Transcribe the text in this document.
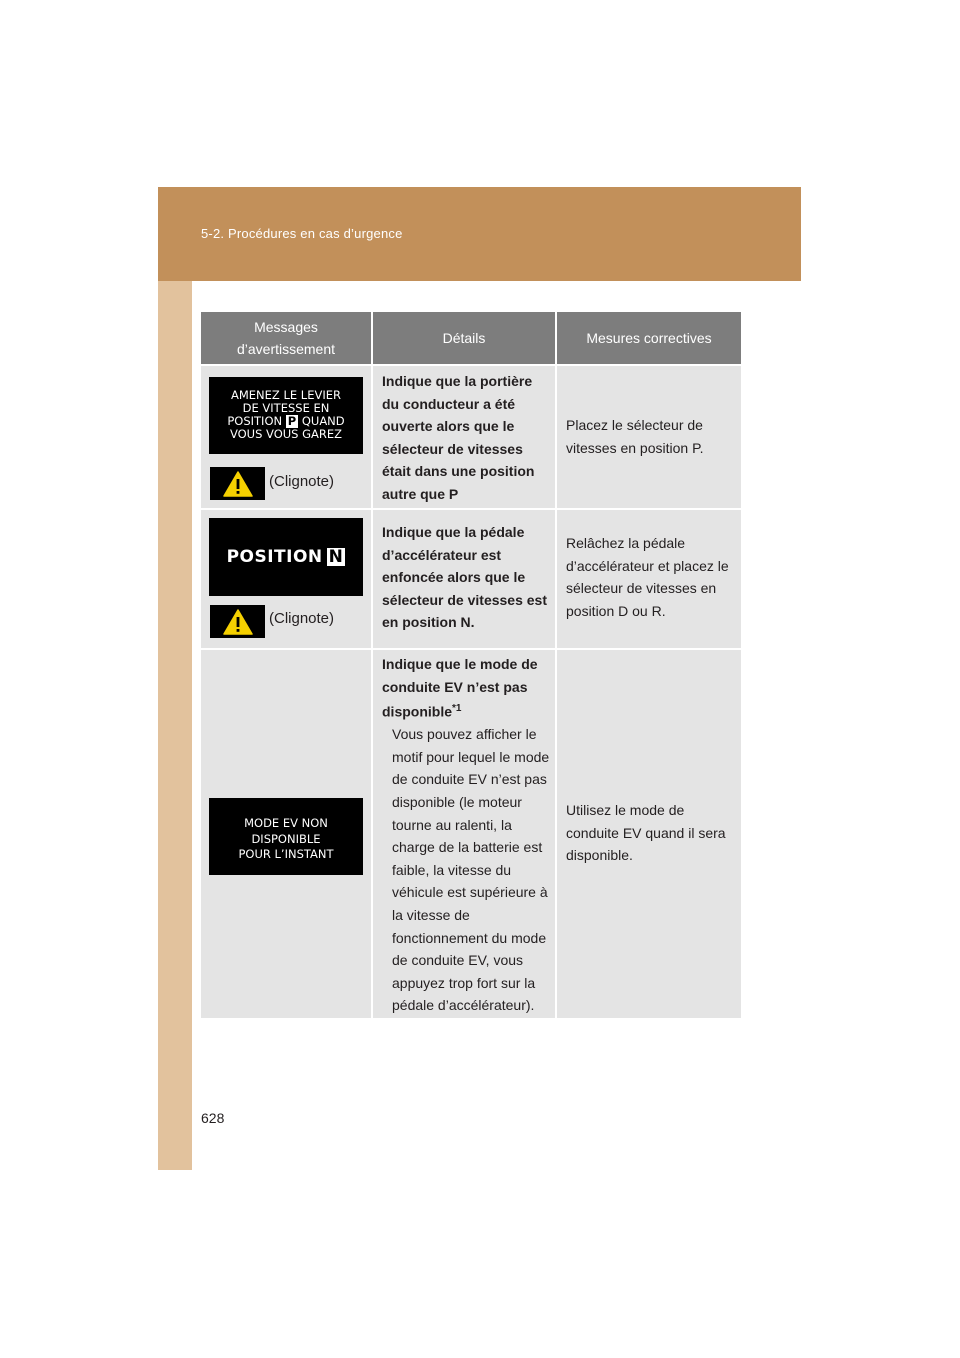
5-2. Procédures en cas d’urgence
Messages
d’avertissement
Détails	Mesures correctives
AMENEZ LE LEVIER
DE VITESSE EN
POSITION P QUAND
VOUS VOUS GAREZ
(Clignote)
Indique que la portière du conducteur a été ouverte alors que le sélecteur de vitesses était dans une position autre que P
Placez le sélecteur de vitesses en position P.
POSITION N
(Clignote)
Indique que la pédale d’accélérateur est enfoncée alors que le sélecteur de vitesses est en position N.
Relâchez la pédale d’accélérateur et placez le sélecteur de vitesses en position D ou R.
MODE EV NON
DISPONIBLE
POUR L’INSTANT
Indique que le mode de conduite EV n’est pas disponible$^{*1}$
Vous pouvez afficher le motif pour lequel le mode de conduite EV n’est pas disponible (le moteur tourne au ralenti, la charge de la batterie est faible, la vitesse du véhicule est supérieure à la vitesse de fonctionnement du mode de conduite EV, vous appuyez trop fort sur la pédale d’accélérateur).
Utilisez le mode de conduite EV quand il sera disponible.
628
